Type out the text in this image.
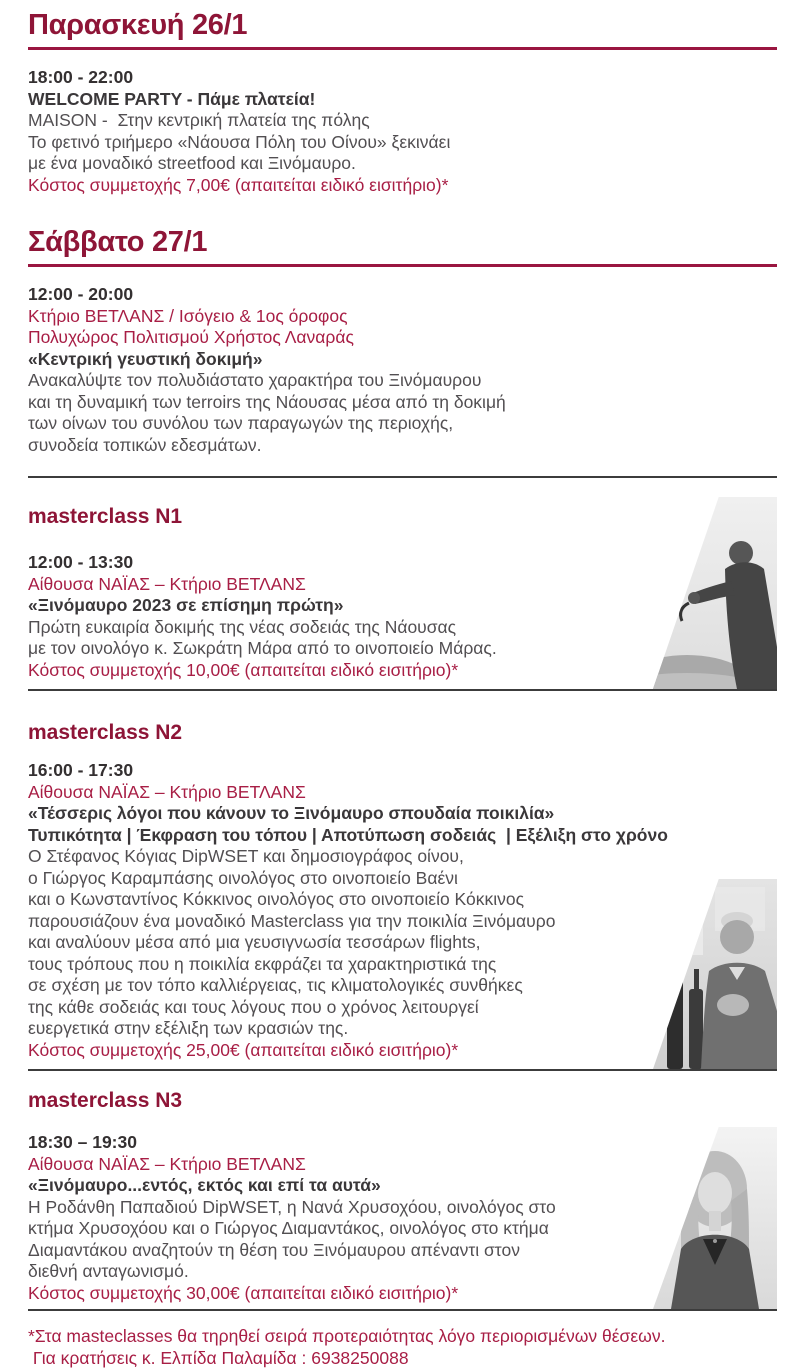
Παρασκευή 26/1
18:00 - 22:00
WELCOME PARTY - Πάμε πλατεία!
MAISON -  Στην κεντρική πλατεία της πόλης
Το φετινό τριήμερο «Νάουσα Πόλη του Οίνου» ξεκινάει
με ένα μοναδικό streetfood και Ξινόμαυρο.
Κόστος συμμετοχής 7,00€ (απαιτείται ειδικό εισιτήριο)*
Σάββατο 27/1
12:00 - 20:00
Κτήριο ΒΕΤΛΑΝΣ / Ισόγειο & 1ος όροφος
Πολυχώρος Πολιτισμού Χρήστος Λαναράς
«Κεντρική γευστική δοκιμή»
Ανακαλύψτε τον πολυδιάστατο χαρακτήρα του Ξινόμαυρου
και τη δυναμική των terroirs της Νάουσας μέσα από τη δοκιμή
των οίνων του συνόλου των παραγωγών της περιοχής,
συνοδεία τοπικών εδεσμάτων.
masterclass N1
12:00 - 13:30
Αίθουσα ΝΑΪΑΣ – Κτήριο ΒΕΤΛΑΝΣ
«Ξινόμαυρο 2023 σε επίσημη πρώτη»
Πρώτη ευκαιρία δοκιμής της νέας σοδειάς της Νάουσας
με τον οινολόγο κ. Σωκράτη Μάρα από το οινοποιείο Μάρας.
Κόστος συμμετοχής 10,00€ (απαιτείται ειδικό εισιτήριο)*
masterclass N2
16:00 - 17:30
Αίθουσα ΝΑΪΑΣ – Κτήριο ΒΕΤΛΑΝΣ
«Τέσσερις λόγοι που κάνουν το Ξινόμαυρο σπουδαία ποικιλία»
Τυπικότητα | Έκφραση του τόπου | Αποτύπωση σοδειάς  | Εξέλιξη στο χρόνο
Ο Στέφανος Κόγιας DipWSET και δημοσιογράφος οίνου,
ο Γιώργος Καραμπάσης οινολόγος στο οινοποιείο Βαένι
και ο Κωνσταντίνος Κόκκινος οινολόγος στο οινοποιείο Κόκκινος
παρουσιάζουν ένα μοναδικό Masterclass για την ποικιλία Ξινόμαυρο
και αναλύουν μέσα από μια γευσιγνωσία τεσσάρων flights,
τους τρόπους που η ποικιλία εκφράζει τα χαρακτηριστικά της
σε σχέση με τον τόπο καλλιέργειας, τις κλιματολογικές συνθήκες
της κάθε σοδειάς και τους λόγους που ο χρόνος λειτουργεί
ευεργετικά στην εξέλιξη των κρασιών της.
Κόστος συμμετοχής 25,00€ (απαιτείται ειδικό εισιτήριο)*
masterclass N3
18:30 – 19:30
Αίθουσα ΝΑΪΑΣ – Κτήριο ΒΕΤΛΑΝΣ
«Ξινόμαυρο...εντός, εκτός και επί τα αυτά»
Η Ροδάνθη Παπαδιού DipWSET, η Νανά Χρυσοχόου, οινολόγος στο
κτήμα Χρυσοχόου και ο Γιώργος Διαμαντάκος, οινολόγος στο κτήμα
Διαμαντάκου αναζητούν τη θέση του Ξινόμαυρου απέναντι στον
διεθνή ανταγωνισμό.
Κόστος συμμετοχής 30,00€ (απαιτείται ειδικό εισιτήριο)*
*Στα masteclasses θα τηρηθεί σειρά προτεραιότητας λόγο περιορισμένων θέσεων.
Για κρατήσεις κ. Ελπίδα Παλαμίδα : 6938250088
